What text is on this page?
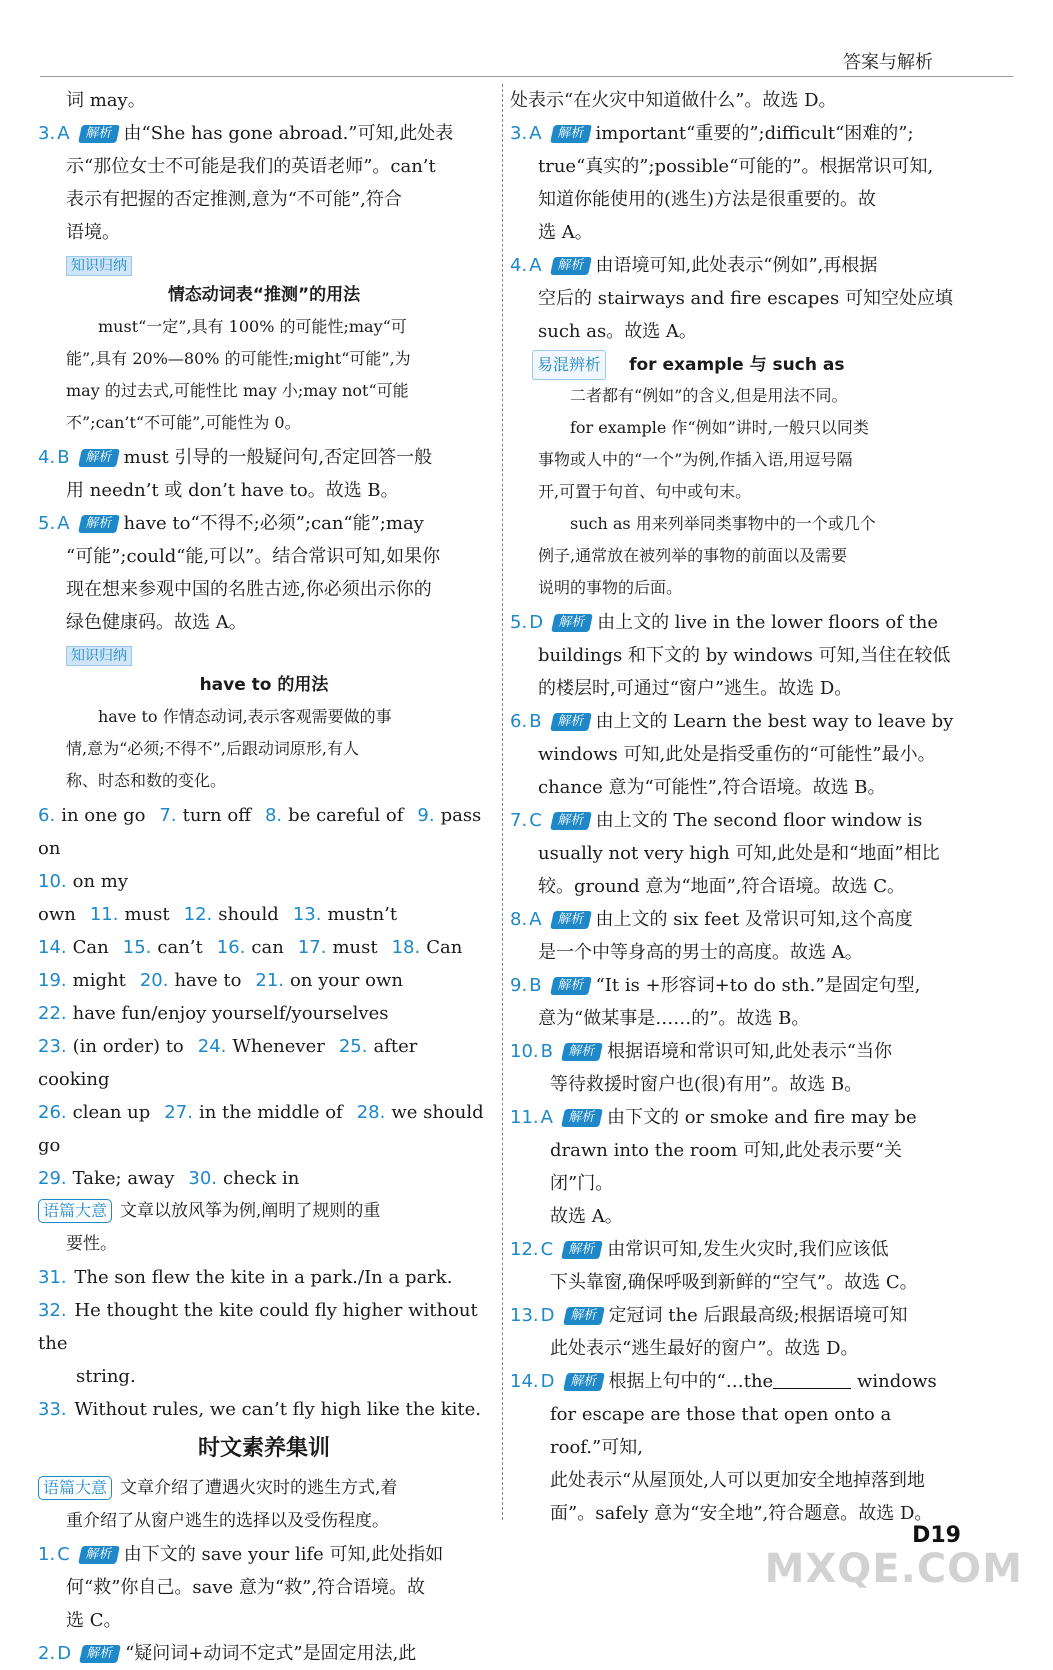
答案与解析

词 may。

3. A 解析 由“She has gone abroad.”可知,此处表

示“那位女士不可能是我们的英语老师”。can’t

表示有把握的否定推测,意为“不可能”,符合

语境。

知识归纳
情态动词表“推测”的用法
must“一定”,具有 100% 的可能性;may“可
能”,具有 20%—80% 的可能性;might“可能”,为
may 的过去式,可能性比 may 小;may not“可能
不”;can’t“不可能”,可能性为 0。

4. B 解析 must 引导的一般疑问句,否定回答一般

用 needn’t 或 don’t have to。故选 B。

5. A 解析 have to“不得不;必须”;can“能”;may

“可能”;could“能,可以”。结合常识可知,如果你

现在想来参观中国的名胜古迹,你必须出示你的

绿色健康码。故选 A。

知识归纳
have to 的用法
have to 作情态动词,表示客观需要做的事
情,意为“必须;不得不”,后跟动词原形,有人
称、时态和数的变化。

6. in one go 7. turn off 8. be careful of 9. pass on

10. on my own 11. must 12. should 13. mustn’t

14. Can 15. can’t 16. can 17. must 18. Can

19. might 20. have to 21. on your own

22. have fun/enjoy yourself/yourselves

23. (in order) to 24. Whenever 25. after cooking

26. clean up 27. in the middle of 28. we should go

29. Take; away 30. check in

语篇大意 文章以放风筝为例,阐明了规则的重

要性。

31. The son flew the kite in a park./In a park.

32. He thought the kite could fly higher without the

string.

33. Without rules, we can’t fly high like the kite.

时文素养集训

语篇大意 文章介绍了遭遇火灾时的逃生方式,着

重介绍了从窗户逃生的选择以及受伤程度。

1. C 解析 由下文的 save your life 可知,此处指如

何“救”你自己。save 意为“救”,符合语境。故

选 C。

2. D 解析 “疑问词+动词不定式”是固定用法,此

处表示“在火灾中知道做什么”。故选 D。

3. A 解析 important“重要的”;difficult“困难的”;

true“真实的”;possible“可能的”。根据常识可知,

知道你能使用的(逃生)方法是很重要的。故

选 A。

4. A 解析 由语境可知,此处表示“例如”,再根据

空后的 stairways and fire escapes 可知空处应填

such as。故选 A。

易混辨析 for example 与 such as
二者都有“例如”的含义,但是用法不同。
for example 作“例如”讲时,一般只以同类
事物或人中的“一个”为例,作插入语,用逗号隔
开,可置于句首、句中或句末。
such as 用来列举同类事物中的一个或几个
例子,通常放在被列举的事物的前面以及需要
说明的事物的后面。

5. D 解析 由上文的 live in the lower floors of the

buildings 和下文的 by windows 可知,当住在较低

的楼层时,可通过“窗户”逃生。故选 D。

6. B 解析 由上文的 Learn the best way to leave by

windows 可知,此处是指受重伤的“可能性”最小。

chance 意为“可能性”,符合语境。故选 B。

7. C 解析 由上文的 The second floor window is

usually not very high 可知,此处是和“地面”相比

较。ground 意为“地面”,符合语境。故选 C。

8. A 解析 由上文的 six feet 及常识可知,这个高度

是一个中等身高的男士的高度。故选 A。

9. B 解析 “It is +形容词+to do sth.”是固定句型,

意为“做某事是……的”。故选 B。

10. B 解析 根据语境和常识可知,此处表示“当你

等待救援时窗户也(很)有用”。故选 B。

11. A 解析 由下文的 or smoke and fire may be

drawn into the room 可知,此处表示要“关闭”门。

故选 A。

12. C 解析 由常识可知,发生火灾时,我们应该低

下头靠窗,确保呼吸到新鲜的“空气”。故选 C。

13. D 解析 定冠词 the 后跟最高级;根据语境可知

此处表示“逃生最好的窗户”。故选 D。

14. D 解析 根据上句中的“…the	windows

for escape are those that open onto a roof.”可知,

此处表示“从屋顶处,人可以更加安全地掉落到地

面”。safely 意为“安全地”,符合题意。故选 D。

D19
MXQE.COM
